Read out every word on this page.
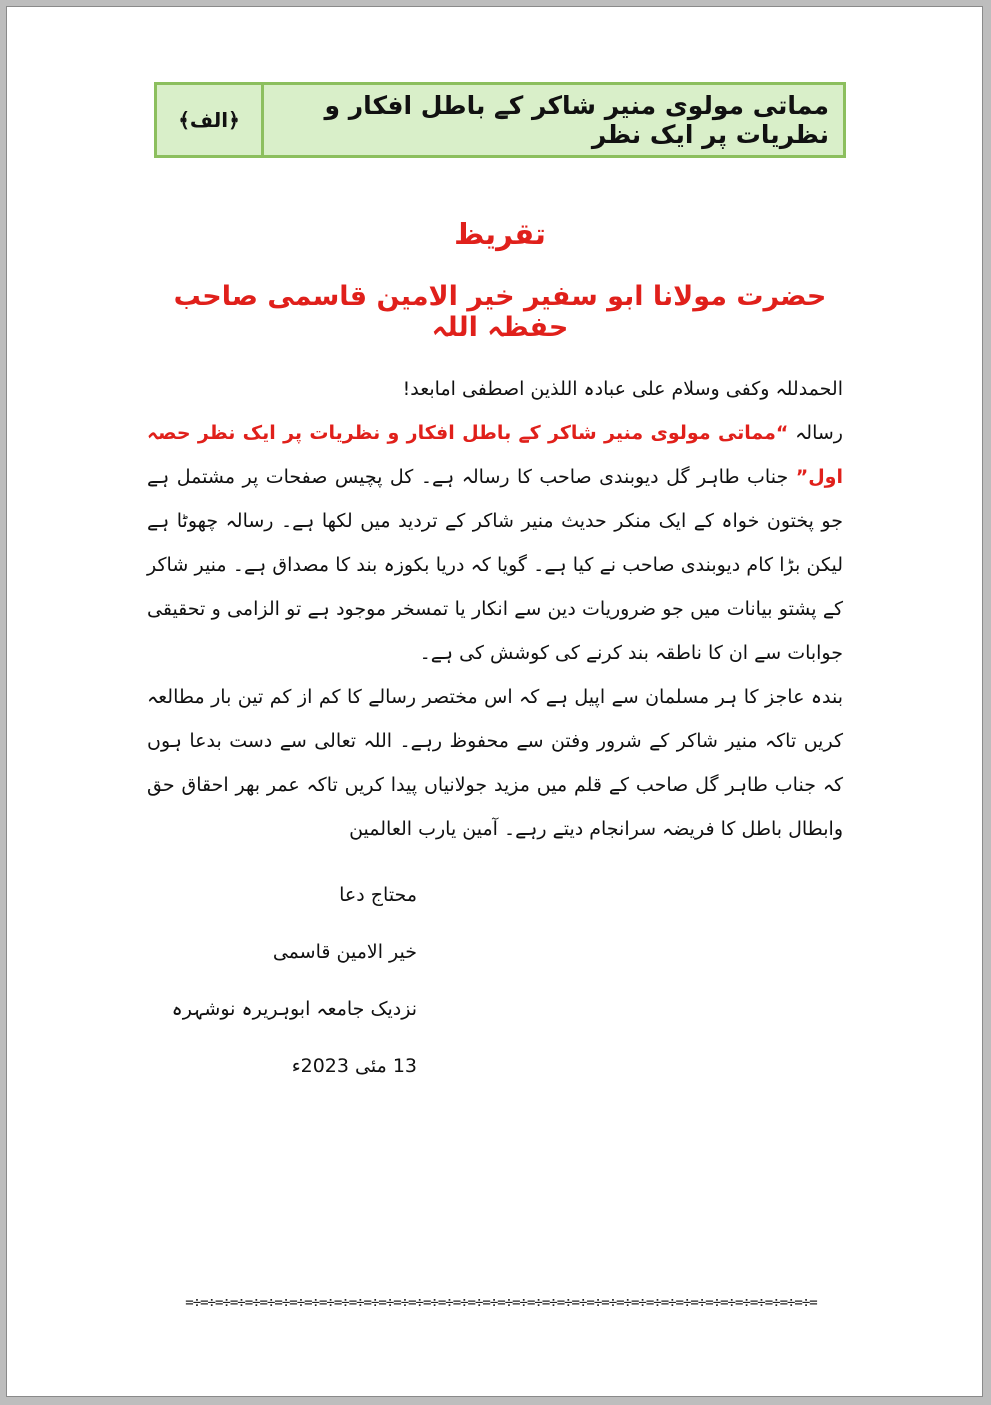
مماتی مولوی منیر شاکر کے باطل افکار و نظریات پر ایک نظر
﴿الف﴾
تقریظ
حضرت مولانا ابو سفیر خیر الامین قاسمی صاحب حفظہ اللہ

الحمدللہ وکفی وسلام علی عبادہ اللذین اصطفی امابعد!

رسالہ “مماتی مولوی منیر شاکر کے باطل افکار و نظریات پر ایک نظر حصہ اول” جناب طاہر گل دیوبندی صاحب کا رسالہ ہے۔ کل پچیس صفحات پر مشتمل ہے جو پختون خواہ کے ایک منکر حدیث منیر شاکر کے تردید میں لکھا ہے۔ رسالہ چھوٹا ہے لیکن بڑا کام دیوبندی صاحب نے کیا ہے۔ گویا کہ دریا بکوزہ بند کا مصداق ہے۔ منیر شاکر کے پشتو بیانات میں جو ضروریات دین سے انکار یا تمسخر موجود ہے تو الزامی و تحقیقی جوابات سے ان کا ناطقہ بند کرنے کی کوشش کی ہے۔

بندہ عاجز کا ہر مسلمان سے اپیل ہے کہ اس مختصر رسالے کا کم از کم تین بار مطالعہ کریں تاکہ منیر شاکر کے شرور وفتن سے محفوظ رہے۔ اللہ تعالی سے دست بدعا ہوں کہ جناب طاہر گل صاحب کے قلم میں مزید جولانیاں پیدا کریں تاکہ عمر بھر احقاق حق وابطال باطل کا فریضہ سرانجام دیتے رہے۔ آمین یارب العالمین

محتاج دعا
خیر الامین قاسمی
نزدیک جامعہ ابوہریرہ نوشہرہ
13 مئی 2023ء
=÷=÷=÷=÷=÷=÷=÷=÷=÷=÷=÷=÷=÷=÷=÷=÷=÷=÷=÷=÷=÷=÷=÷=÷=÷=÷=÷=÷=÷=÷=÷=÷=÷=÷=÷=÷=÷=÷=÷=÷=÷=÷=
